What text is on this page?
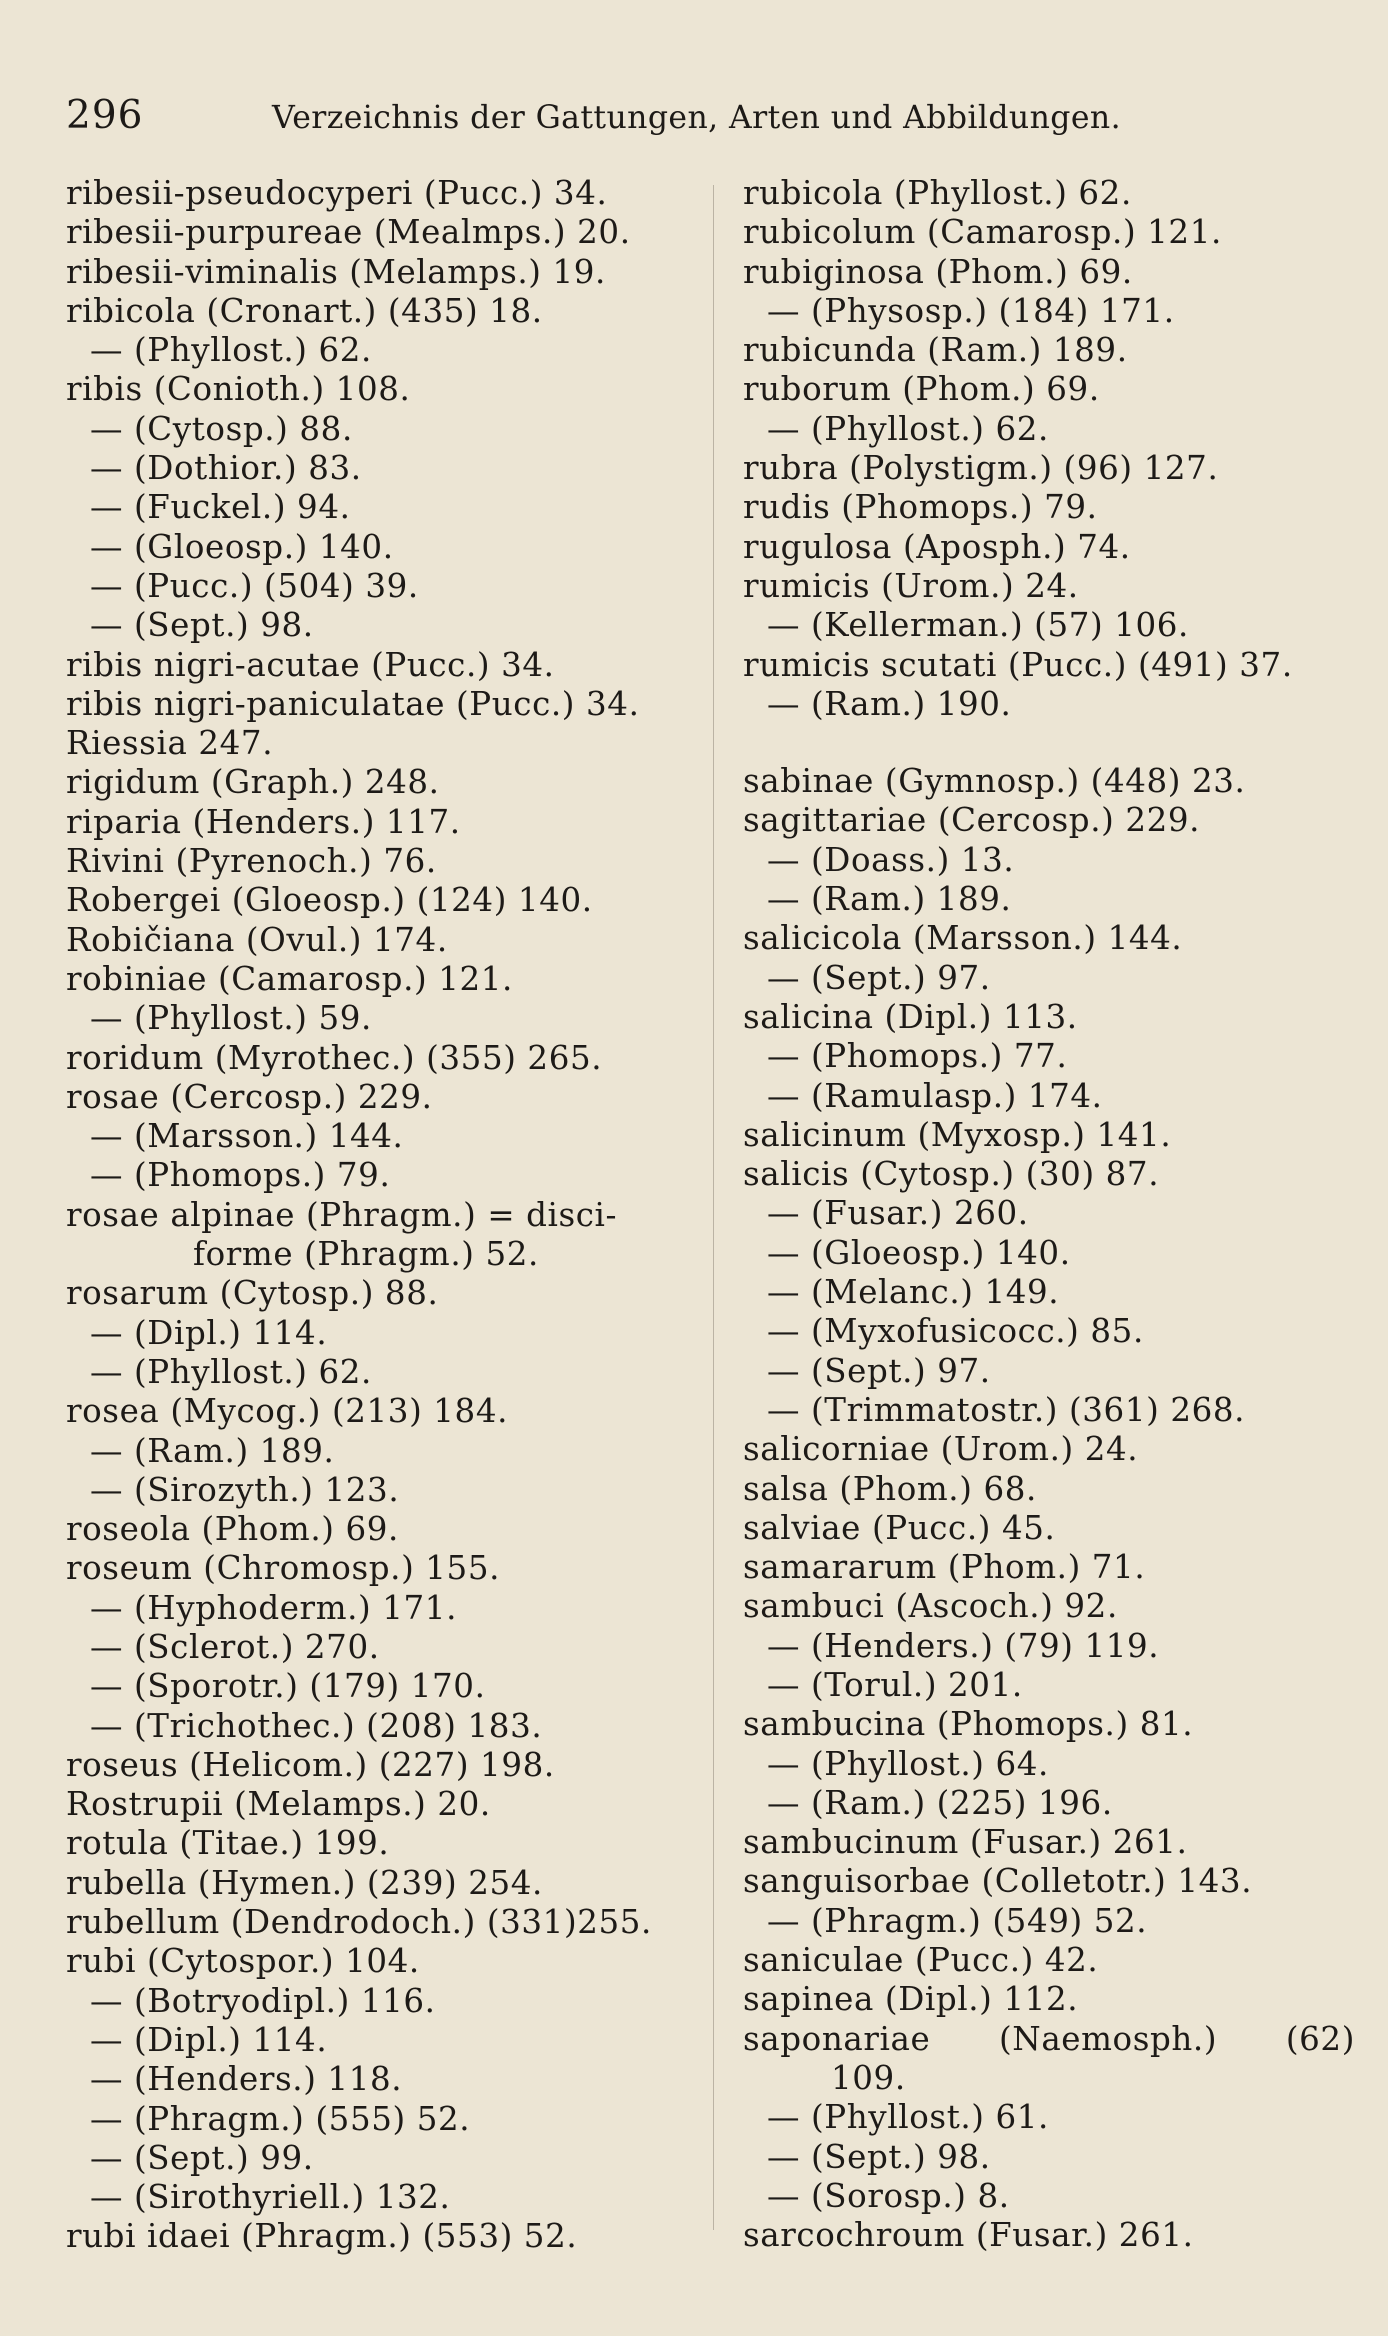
296	Verzeichnis der Gattungen, Arten und Abbildungen.
ribesii-pseudocyperi (Pucc.) 34.
ribesii-purpureae (Mealmps.) 20.
ribesii-viminalis (Melamps.) 19.
ribicola (Cronart.) (435) 18.
— (Phyllost.) 62.
ribis (Conioth.) 108.
— (Cytosp.) 88.
— (Dothior.) 83.
— (Fuckel.) 94.
— (Gloeosp.) 140.
— (Pucc.) (504) 39.
— (Sept.) 98.
ribis nigri-acutae (Pucc.) 34.
ribis nigri-paniculatae (Pucc.) 34.
Riessia 247.
rigidum (Graph.) 248.
riparia (Henders.) 117.
Rivini (Pyrenoch.) 76.
Robergei (Gloeosp.) (124) 140.
Robičiana (Ovul.) 174.
robiniae (Camarosp.) 121.
— (Phyllost.) 59.
roridum (Myrothec.) (355) 265.
rosae (Cercosp.) 229.
— (Marsson.) 144.
— (Phomops.) 79.
rosae alpinae (Phragm.) = disci-
forme (Phragm.) 52.
rosarum (Cytosp.) 88.
— (Dipl.) 114.
— (Phyllost.) 62.
rosea (Mycog.) (213) 184.
— (Ram.) 189.
— (Sirozyth.) 123.
roseola (Phom.) 69.
roseum (Chromosp.) 155.
— (Hyphoderm.) 171.
— (Sclerot.) 270.
— (Sporotr.) (179) 170.
— (Trichothec.) (208) 183.
roseus (Helicom.) (227) 198.
Rostrupii (Melamps.) 20.
rotula (Titae.) 199.
rubella (Hymen.) (239) 254.
rubellum (Dendrodoch.) (331)255.
rubi (Cytospor.) 104.
— (Botryodipl.) 116.
— (Dipl.) 114.
— (Henders.) 118.
— (Phragm.) (555) 52.
— (Sept.) 99.
— (Sirothyriell.) 132.
rubi idaei (Phragm.) (553) 52.
rubicola (Phyllost.) 62.
rubicolum (Camarosp.) 121.
rubiginosa (Phom.) 69.
— (Physosp.) (184) 171.
rubicunda (Ram.) 189.
ruborum (Phom.) 69.
— (Phyllost.) 62.
rubra (Polystigm.) (96) 127.
rudis (Phomops.) 79.
rugulosa (Aposph.) 74.
rumicis (Urom.) 24.
— (Kellerman.) (57) 106.
rumicis scutati (Pucc.) (491) 37.
— (Ram.) 190.
sabinae (Gymnosp.) (448) 23.
sagittariae (Cercosp.) 229.
— (Doass.) 13.
— (Ram.) 189.
salicicola (Marsson.) 144.
— (Sept.) 97.
salicina (Dipl.) 113.
— (Phomops.) 77.
— (Ramulasp.) 174.
salicinum (Myxosp.) 141.
salicis (Cytosp.) (30) 87.
— (Fusar.) 260.
— (Gloeosp.) 140.
— (Melanc.) 149.
— (Myxofusicocc.) 85.
— (Sept.) 97.
— (Trimmatostr.) (361) 268.
salicorniae (Urom.) 24.
salsa (Phom.) 68.
salviae (Pucc.) 45.
samararum (Phom.) 71.
sambuci (Ascoch.) 92.
— (Henders.) (79) 119.
— (Torul.) 201.
sambucina (Phomops.) 81.
— (Phyllost.) 64.
— (Ram.) (225) 196.
sambucinum (Fusar.) 261.
sanguisorbae (Colletotr.) 143.
— (Phragm.) (549) 52.
saniculae (Pucc.) 42.
sapinea (Dipl.) 112.
saponariae (Naemosph.) (62)
109.
— (Phyllost.) 61.
— (Sept.) 98.
— (Sorosp.) 8.
sarcochroum (Fusar.) 261.
